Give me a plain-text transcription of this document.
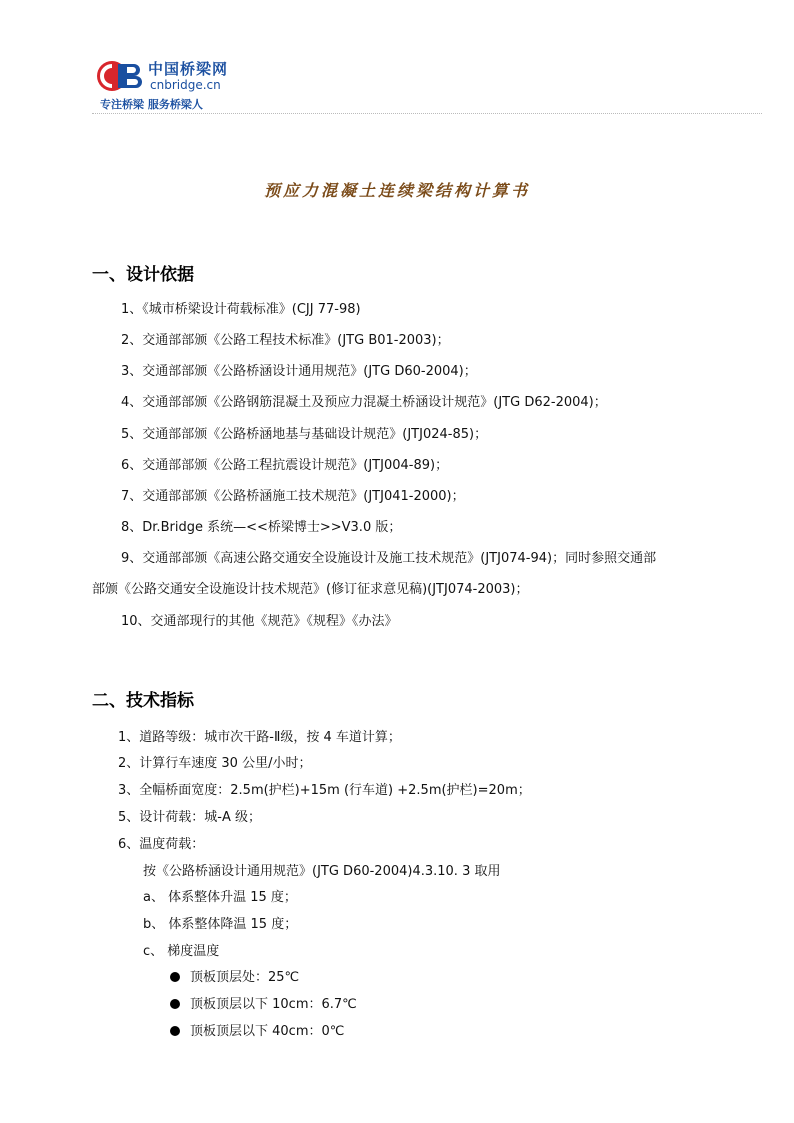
中国桥梁网
cnbridge.cn
专注桥梁 服务桥梁人
预应力混凝土连续梁结构计算书
一、设计依据
1、《城市桥梁设计荷载标准》(CJJ 77-98)
2、交通部部颁《公路工程技术标准》(JTG B01-2003)；
3、交通部部颁《公路桥涵设计通用规范》(JTG D60-2004)；
4、交通部部颁《公路钢筋混凝土及预应力混凝土桥涵设计规范》(JTG D62-2004)；
5、交通部部颁《公路桥涵地基与基础设计规范》(JTJ024-85)；
6、交通部部颁《公路工程抗震设计规范》(JTJ004-89)；
7、交通部部颁《公路桥涵施工技术规范》(JTJ041-2000)；
8、Dr.Bridge 系统—<<桥梁博士>>V3.0 版；
9、交通部部颁《高速公路交通安全设施设计及施工技术规范》(JTJ074-94)；同时参照交通部
部颁《公路交通安全设施设计技术规范》(修订征求意见稿)(JTJ074-2003)；
10、交通部现行的其他《规范》《规程》《办法》
二、技术指标
1、道路等级：城市次干路-Ⅱ级，按 4 车道计算；
2、计算行车速度 30 公里/小时；
3、全幅桥面宽度：2.5m(护栏)+15m (行车道) +2.5m(护栏)=20m；
5、设计荷载：城-A 级；
6、温度荷载：
按《公路桥涵设计通用规范》(JTG D60-2004)4.3.10. 3 取用
a、 体系整体升温 15 度；
b、 体系整体降温 15 度；
c、 梯度温度
顶板顶层处：25℃
顶板顶层以下 10cm：6.7℃
顶板顶层以下 40cm：0℃
